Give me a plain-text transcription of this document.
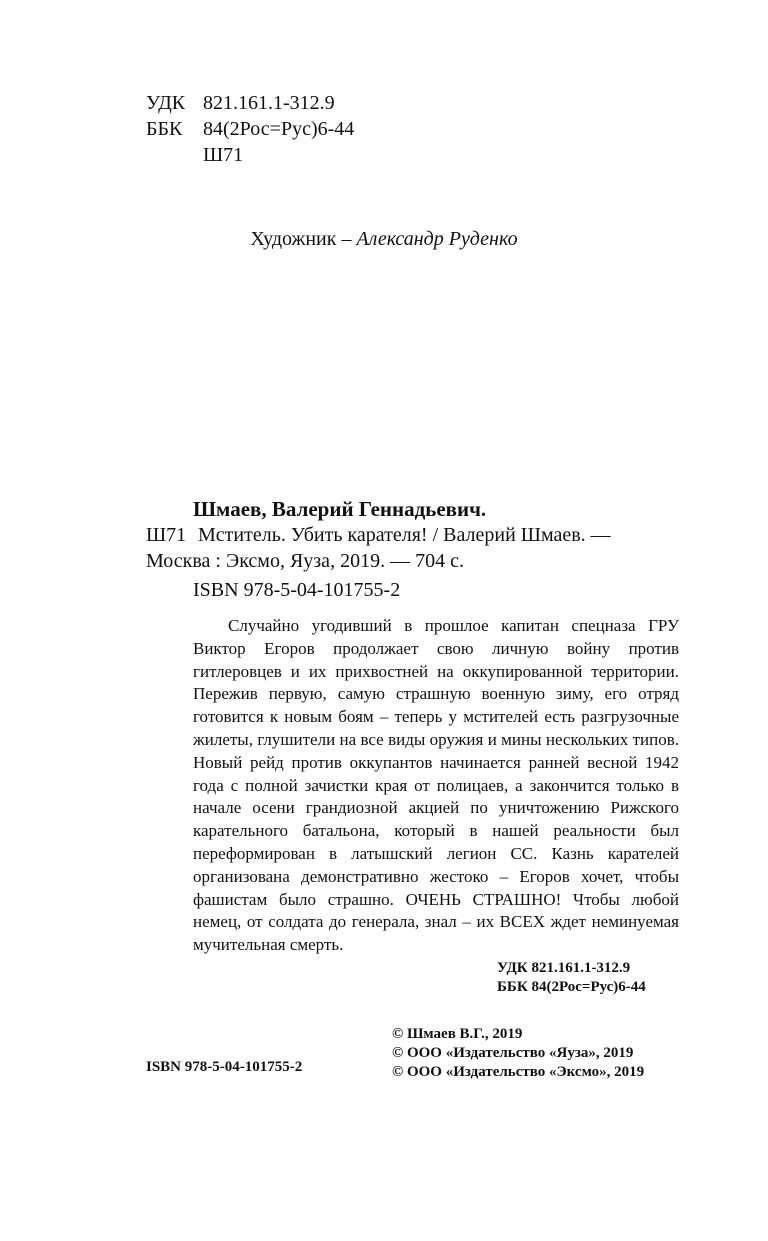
УДК 821.161.1-312.9
ББК	84(2Рос=Рус)6-44
Ш71
Художник – Александр Руденко
Шмаев, Валерий Геннадьевич.
Ш71 Мститель. Убить карателя! / Валерий Шмаев. — Москва : Эксмо, Яуза, 2019. — 704 с.
ISBN 978-5-04-101755-2

Случайно угодивший в прошлое капитан спецназа ГРУ Виктор Егоров продолжает свою личную войну против гитлеровцев и их прихвостней на оккупированной территории. Пережив первую, самую страшную военную зиму, его отряд готовится к новым боям – теперь у мстителей есть разгрузочные жилеты, глушители на все виды оружия и мины нескольких типов. Новый рейд против оккупантов начинается ранней весной 1942 года с полной зачистки края от полицаев, а закончится только в начале осени грандиозной акцией по уничтожению Рижского карательного батальона, который в нашей реальности был переформирован в латышский легион СС. Казнь карателей организована демонстративно жестоко – Егоров хочет, чтобы фашистам было страшно. ОЧЕНЬ СТРАШНО! Чтобы любой немец, от солдата до генерала, знал – их ВСЕХ ждет неминуемая мучительная смерть.

УДК 821.161.1-312.9
ББК 84(2Рос=Рус)6-44
© Шмаев В.Г., 2019
© ООО «Издательство «Яуза», 2019
© ООО «Издательство «Эксмо», 2019
ISBN 978-5-04-101755-2
